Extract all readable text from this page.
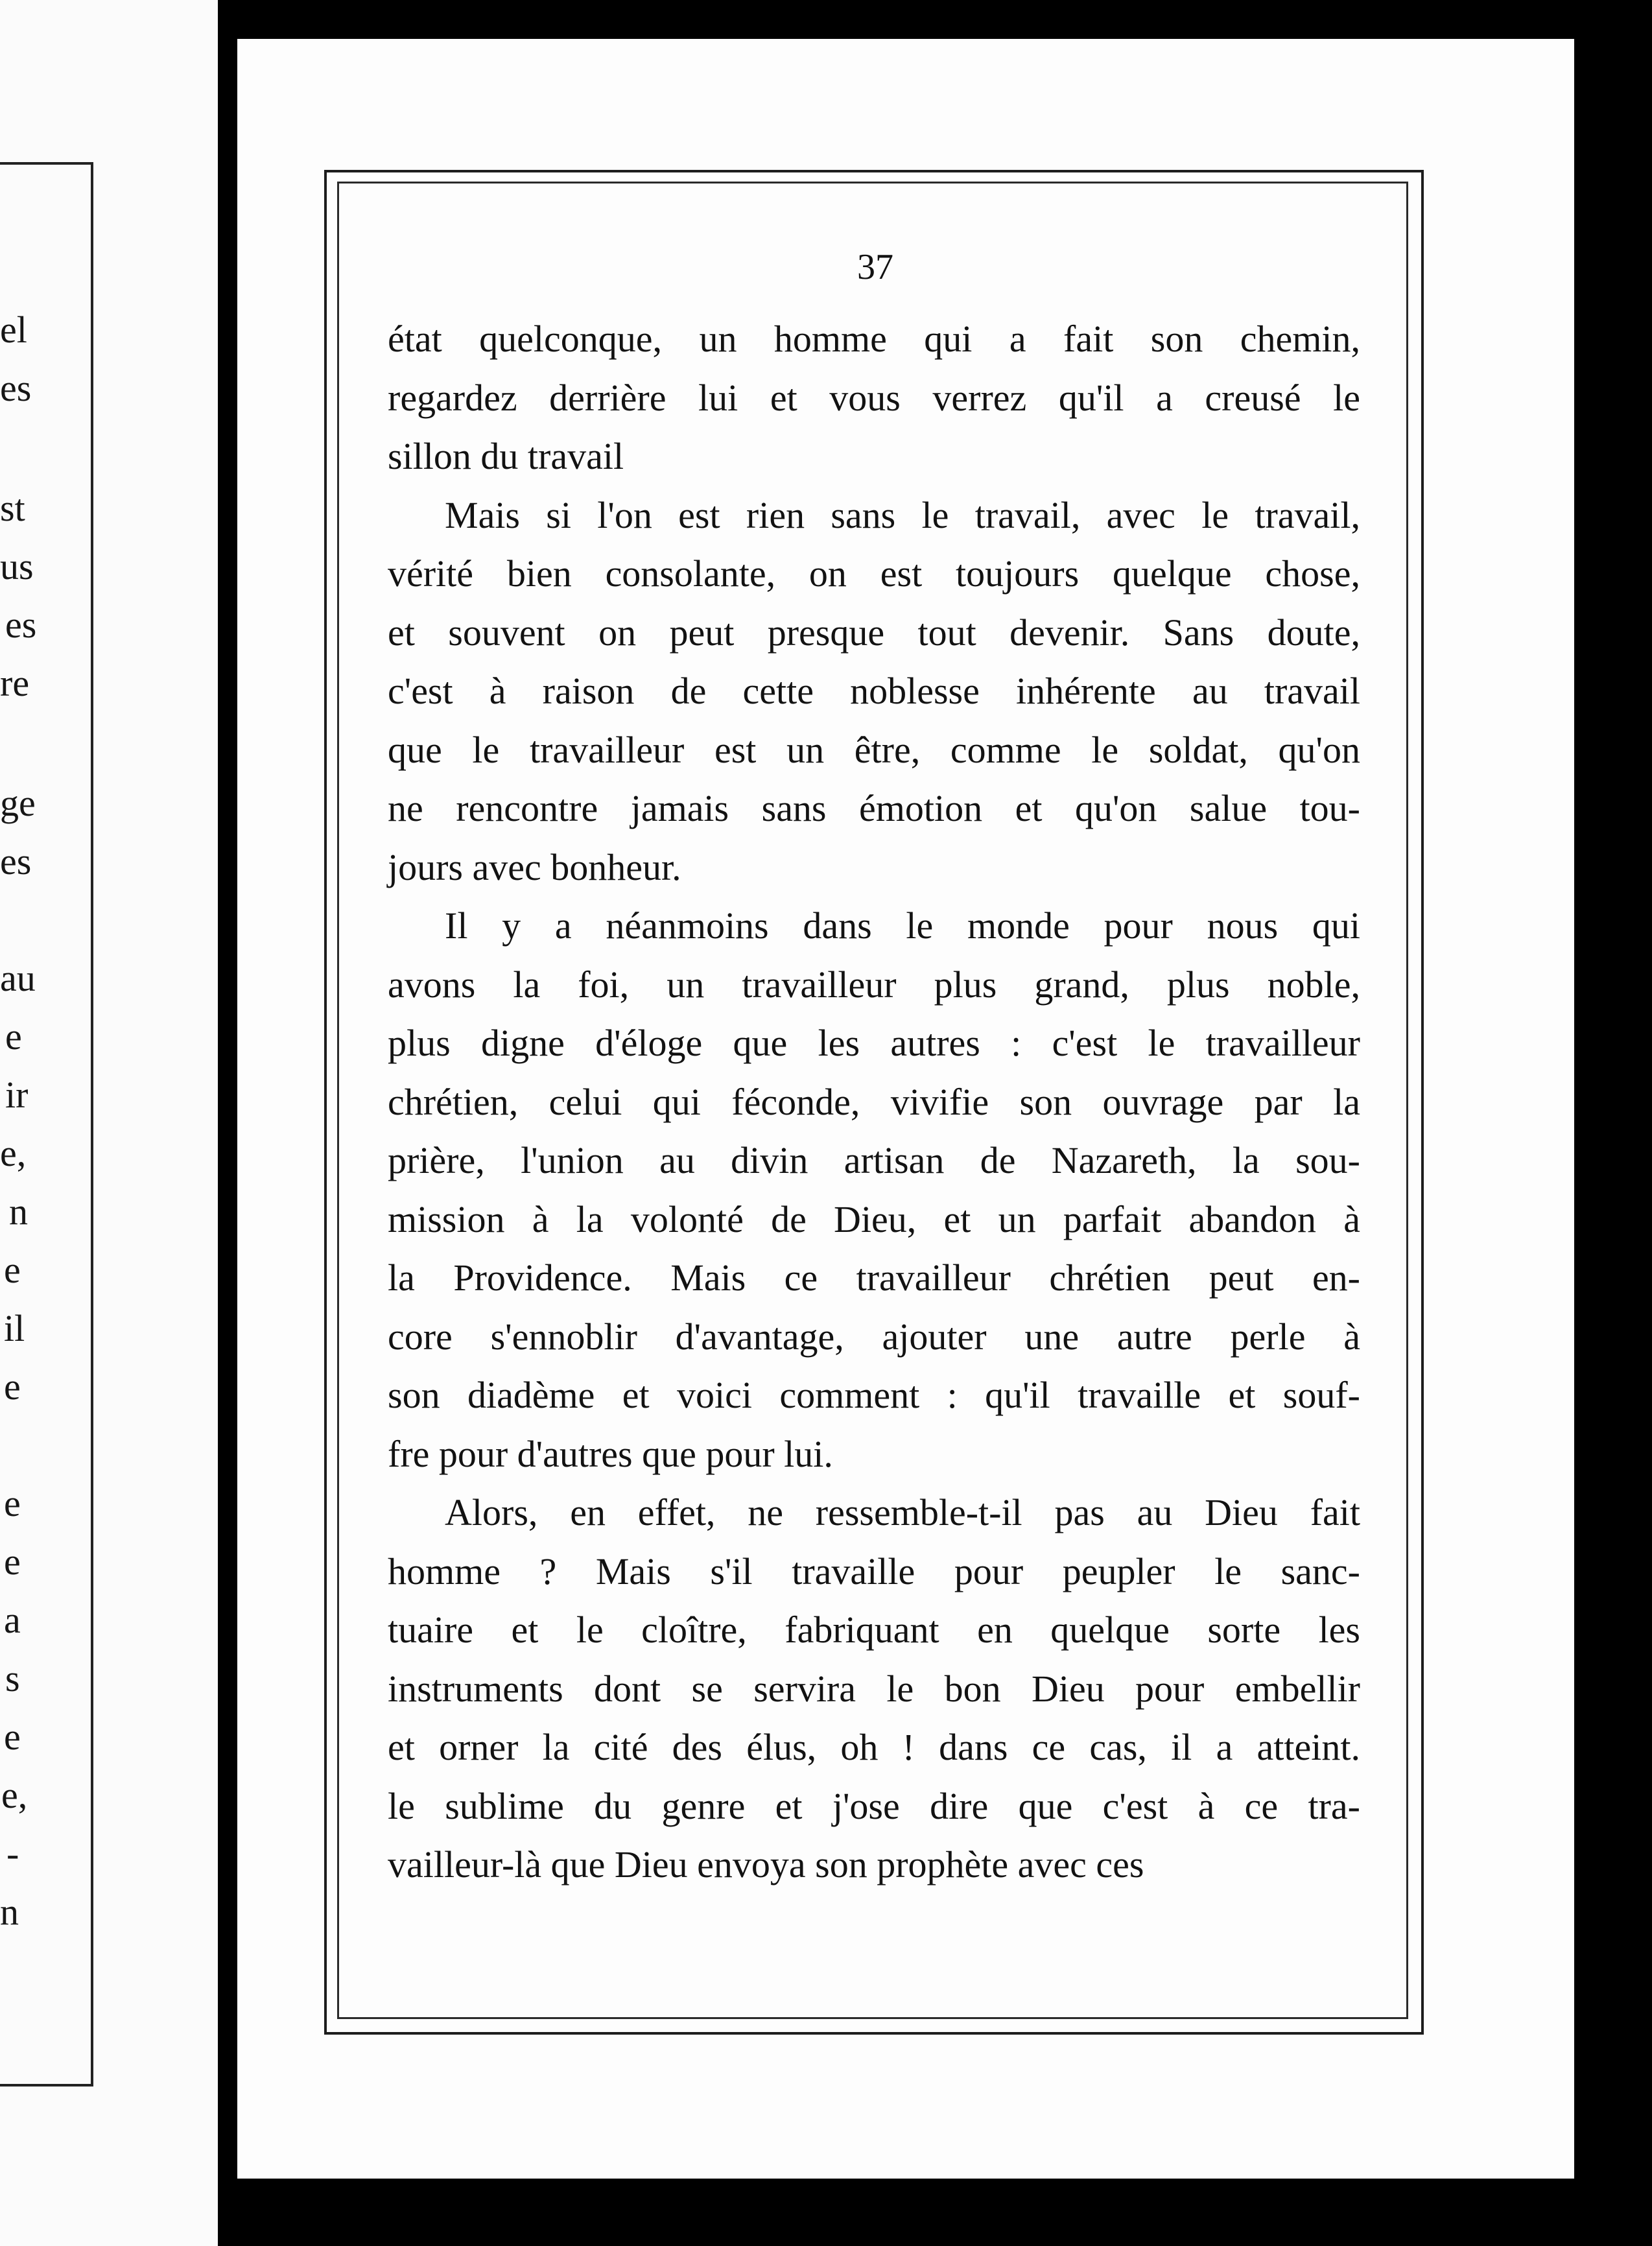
el
es
st
us
es
re
ge
es
au
e
ir
e,
n
e
il
e
e
e
a
s
e
e,
-
n
37
état quelconque, un homme qui a fait son chemin,
regardez derrière lui et vous verrez qu'il a creusé le
sillon du travail
Mais si l'on est rien sans le travail, avec le travail,
vérité bien consolante, on est toujours quelque chose,
et souvent on peut presque tout devenir. Sans doute,
c'est à raison de cette noblesse inhérente au travail
que le travailleur est un être, comme le soldat, qu'on
ne rencontre jamais sans émotion et qu'on salue tou-
jours avec bonheur.
Il y a néanmoins dans le monde pour nous qui
avons la foi, un travailleur plus grand, plus noble,
plus digne d'éloge que les autres : c'est le travailleur
chrétien, celui qui féconde, vivifie son ouvrage par la
prière, l'union au divin artisan de Nazareth, la sou-
mission à la volonté de Dieu, et un parfait abandon à
la Providence. Mais ce travailleur chrétien peut en-
core s'ennoblir d'avantage, ajouter une autre perle à
son diadème et voici comment : qu'il travaille et souf-
fre pour d'autres que pour lui.
Alors, en effet, ne ressemble-t-il pas au Dieu fait
homme ? Mais s'il travaille pour peupler le sanc-
tuaire et le cloître, fabriquant en quelque sorte les
instruments dont se servira le bon Dieu pour embellir
et orner la cité des élus, oh ! dans ce cas, il a atteint.
le sublime du genre et j'ose dire que c'est à ce tra-
vailleur-là que Dieu envoya son prophète avec ces
